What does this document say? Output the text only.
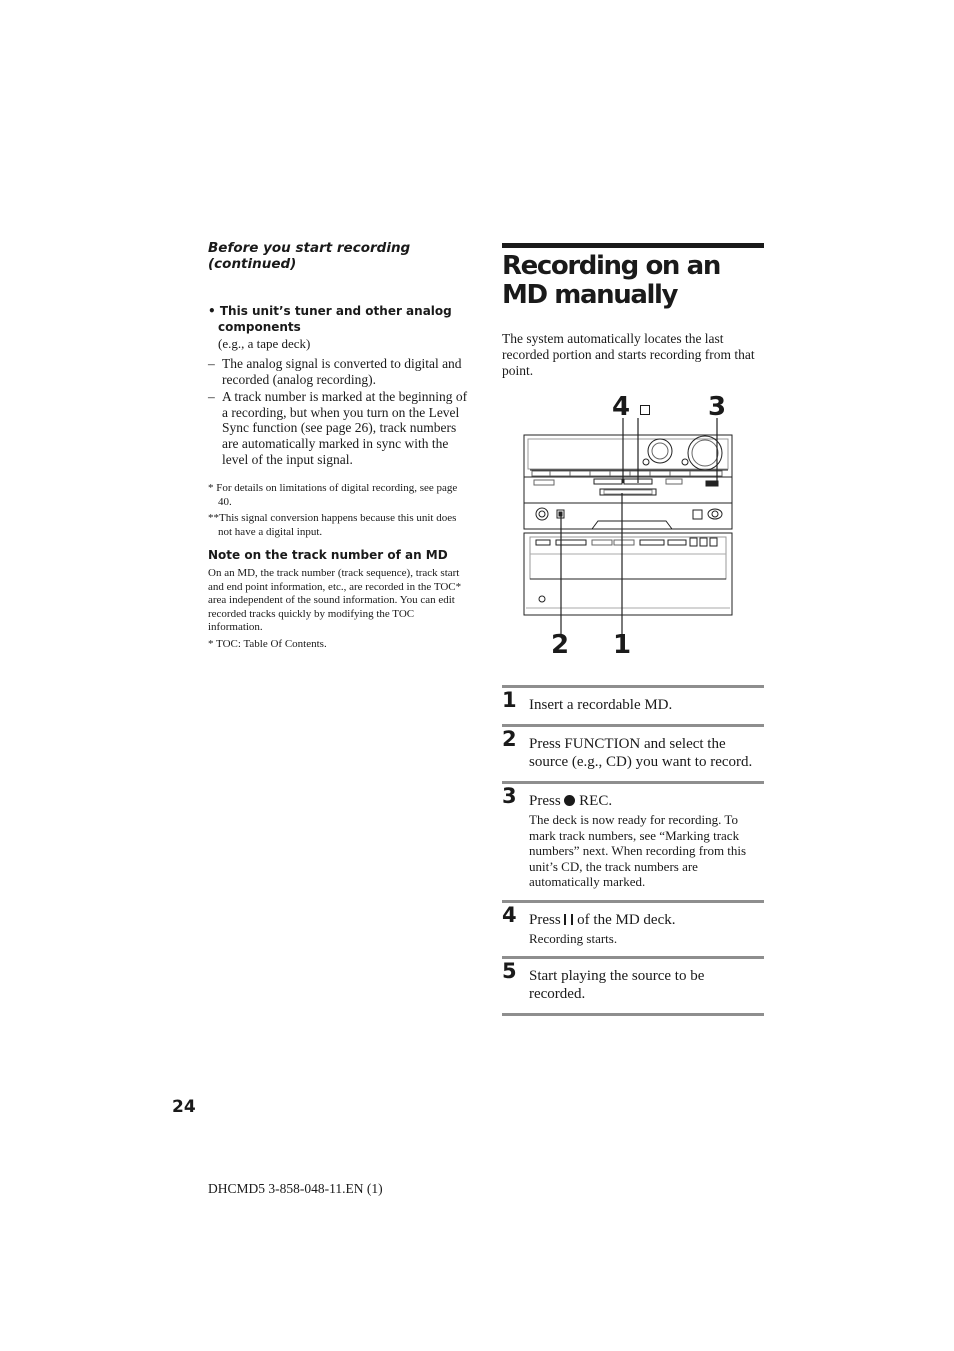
Before you start recording (continued)

• This unit’s tuner and other analog components
(e.g., a tape deck)
– The analog signal is converted to digital and recorded (analog recording).
– A track number is marked at the beginning of a recording, but when you turn on the Level Sync function (see page 26), track numbers are automatically marked in sync with the level of the input signal.
* For details on limitations of digital recording, see page 40.
**This signal conversion happens because this unit does not have a digital input.
Note on the track number of an MD
On an MD, the track number (track sequence), track start and end point information, etc., are recorded in the TOC* area independent of the sound information. You can edit recorded tracks quickly by modifying the TOC information.
* TOC: Table Of Contents.
Recording on an MD manually
The system automatically locates the last recorded portion and starts recording from that point.
4	3
2 1
1 Insert a recordable MD.
2 Press FUNCTION and select the source (e.g., CD) you want to record.
3 Press REC.
The deck is now ready for recording. To mark track numbers, see “Marking track numbers” next. When recording from this unit’s CD, the track numbers are automatically marked.
4 Press of the MD deck.
Recording starts.
5 Start playing the source to be recorded.
24
DHCMD5 3-858-048-11.EN (1)
